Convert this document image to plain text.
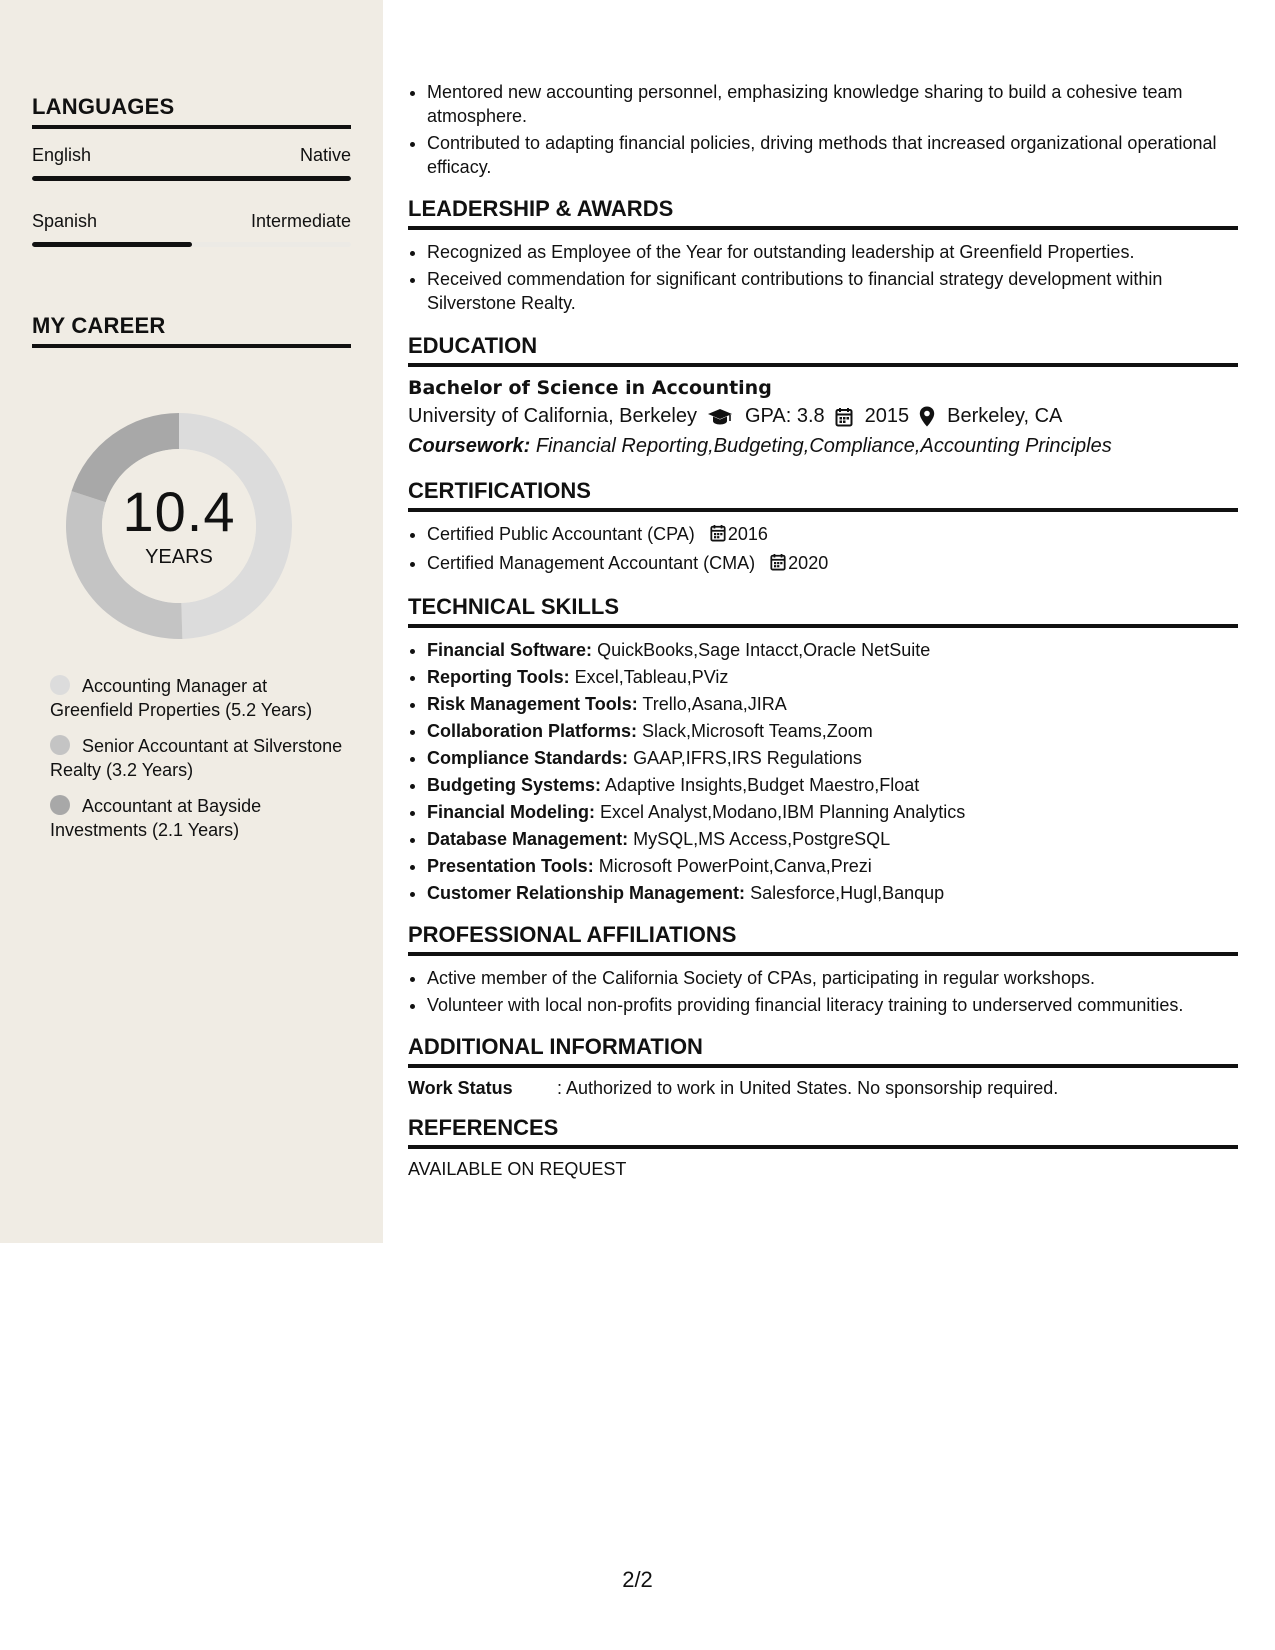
LANGUAGES
English	Native
Spanish	Intermediate
MY CAREER
10.4
YEARS
Accounting Manager at Greenfield Properties (5.2 Years)
Senior Accountant at Silverstone Realty (3.2 Years)
Accountant at Bayside Investments (2.1 Years)
• Mentored new accounting personnel, emphasizing knowledge sharing to build a cohesive team atmosphere.
• Contributed to adapting financial policies, driving methods that increased organizational operational efficacy.
LEADERSHIP & AWARDS
• Recognized as Employee of the Year for outstanding leadership at Greenfield Properties.
• Received commendation for significant contributions to financial strategy development within Silverstone Realty.
EDUCATION
Bachelor of Science in Accounting
University of California, Berkeley GPA: 3.8 2015 Berkeley, CA
Coursework: Financial Reporting,Budgeting,Compliance,Accounting Principles
CERTIFICATIONS
• Certified Public Accountant (CPA) 2016
• Certified Management Accountant (CMA) 2020
TECHNICAL SKILLS
• Financial Software: QuickBooks,Sage Intacct,Oracle NetSuite
• Reporting Tools: Excel,Tableau,PViz
• Risk Management Tools: Trello,Asana,JIRA
• Collaboration Platforms: Slack,Microsoft Teams,Zoom
• Compliance Standards: GAAP,IFRS,IRS Regulations
• Budgeting Systems: Adaptive Insights,Budget Maestro,Float
• Financial Modeling: Excel Analyst,Modano,IBM Planning Analytics
• Database Management: MySQL,MS Access,PostgreSQL
• Presentation Tools: Microsoft PowerPoint,Canva,Prezi
• Customer Relationship Management: Salesforce,Hugl,Banqup
PROFESSIONAL AFFILIATIONS
• Active member of the California Society of CPAs, participating in regular workshops.
• Volunteer with local non-profits providing financial literacy training to underserved communities.
ADDITIONAL INFORMATION
Work Status	: Authorized to work in United States. No sponsorship required.
REFERENCES
AVAILABLE ON REQUEST
2/2
